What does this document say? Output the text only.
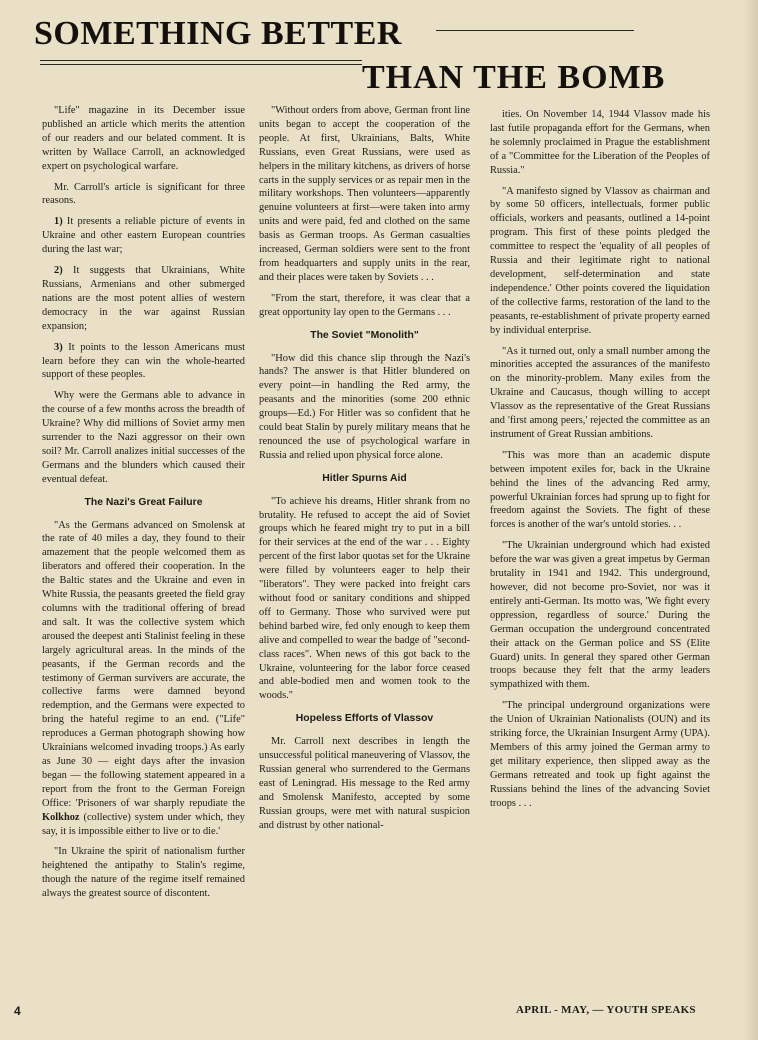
SOMETHING BETTER
THAN THE BOMB

"Life" magazine in its December issue published an article which merits the attention of our readers and our belated comment. It is written by Wallace Carroll, an acknowledged expert on psychological warfare.

Mr. Carroll's article is significant for three reasons.

1) It presents a reliable picture of events in Ukraine and other eastern European countries during the last war;

2) It suggests that Ukrainians, White Russians, Armenians and other submerged nations are the most potent allies of western democracy in the war against Russian expansion;

3) It points to the lesson Americans must learn before they can win the whole-hearted support of these peoples.

Why were the Germans able to advance in the course of a few months across the breadth of Ukraine? Why did millions of Soviet army men surrender to the Nazi aggressor on their own soil? Mr. Carroll analizes initial successes of the Germans and the blunders which caused their eventual defeat.

The Nazi's Great Failure

"As the Germans advanced on Smolensk at the rate of 40 miles a day, they found to their amazement that the people welcomed them as liberators and offered their cooperation. In the the Baltic states and the Ukraine and even in White Russia, the peasants greeted the field gray columns with the traditional offering of bread and salt. It was the collective system which aroused the deepest anti Stalinist feeling in these largely agricultural areas. In the minds of the peasants, if the German records and the testimony of German survivers are accurate, the collective farms were damned beyond redemption, and the Germans were expected to bring the hateful regime to an end. ("Life" reproduces a German photograph showing how Ukrainians welcomed invading troops.) As early as June 30 — eight days after the invasion began — the following statement appeared in a report from the front to the German Foreign Office: 'Prisoners of war sharply repudiate the Kolkhoz (collective) system under which, they say, it is impossible either to live or to die.'

"In Ukraine the spirit of nationalism further heightened the antipathy to Stalin's regime, though the nature of the regime itself remained always the greatest source of discontent.

"Without orders from above, German front line units began to accept the cooperation of the people. At first, Ukrainians, Balts, White Russians, even Great Russians, were used as helpers in the military kitchens, as drivers of horse carts in the supply services or as repair men in the military workshops. Then volunteers—apparently genuine volunteers at first—were taken into army units and were paid, fed and clothed on the same basis as German troops. As German casualties increased, German soldiers were sent to the front from headquarters and supply units in the rear, and their places were taken by Soviets . . .

"From the start, therefore, it was clear that a great opportunity lay open to the Germans . . .

The Soviet "Monolith"

"How did this chance slip through the Nazi's hands? The answer is that Hitler blundered on every point—in handling the Red army, the peasants and the minorities (some 200 ethnic groups—Ed.) For Hitler was so confident that he could beat Stalin by purely military means that he renounced the use of psychological warfare in Russia and relied upon physical force alone.

Hitler Spurns Aid

"To achieve his dreams, Hitler shrank from no brutality. He refused to accept the aid of Soviet groups which he feared might try to put in a bill for their services at the end of the war . . . Eighty percent of the first labor quotas set for the Ukraine were filled by volunteers eager to help their "liberators". They were packed into freight cars without food or sanitary conditions and shipped off to Germany. Those who survived were put behind barbed wire, fed only enough to keep them alive and compelled to wear the badge of "second-class races". When news of this got back to the Ukraine, volunteering for the labor force ceased and able-bodied men and women took to the woods."

Hopeless Efforts of Vlassov

Mr. Carroll next describes in length the unsuccessful political maneuvering of Vlassov, the Russian general who surrendered to the Germans east of Leningrad. His message to the Red army and Smolensk Manifesto, accepted by some Russian groups, were met with natural suspicion and distrust by other national-

ities. On November 14, 1944 Vlassov made his last futile propaganda effort for the Germans, when he solemnly proclaimed in Prague the establishment of a "Committee for the Liberation of the Peoples of Russia."

"A manifesto signed by Vlassov as chairman and by some 50 officers, intellectuals, former public officials, workers and peasants, outlined a 14-point program. This first of these points pledged the committee to respect the 'equality of all peoples of Russia and their legitimate right to national development, self-determination and state independence.' Other points covered the liquidation of the collective farms, restoration of the land to the peasants, re-establishment of private property earned by individual enterprise.

"As it turned out, only a small number among the minorities accepted the assurances of the manifesto on the minority-problem. Many exiles from the Ukraine and Caucasus, though willing to accept Vlassov as the representative of the Great Russians and 'first among peers,' rejected the committee as an instrument of Great Russian ambitions.

"This was more than an academic dispute between impotent exiles for, back in the Ukraine behind the lines of the advancing Red army, powerful Ukrainian forces had sprung up to fight for freedom against the Soviets. The fight of these forces is another of the war's untold stories. . .

"The Ukrainian underground which had existed before the war was given a great impetus by German brutality in 1941 and 1942. This underground, however, did not become pro-Soviet, nor was it entirely anti-German. Its motto was, 'We fight every oppression, regardless of source.' During the German occupation the underground concentrated their attack on the German police and SS (Elite Guard) units. In general they spared other German troops because they felt that the army leaders sympathized with them.

"The principal underground organizations were the Union of Ukrainian Nationalists (OUN) and its striking force, the Ukrainian Insurgent Army (UPA). Members of this army joined the German army to get military experience, then slipped away as the Germans retreated and took up fight against the Russians behind the lines of the advancing Soviet troops . . .

4	APRIL - MAY, — YOUTH SPEAKS
